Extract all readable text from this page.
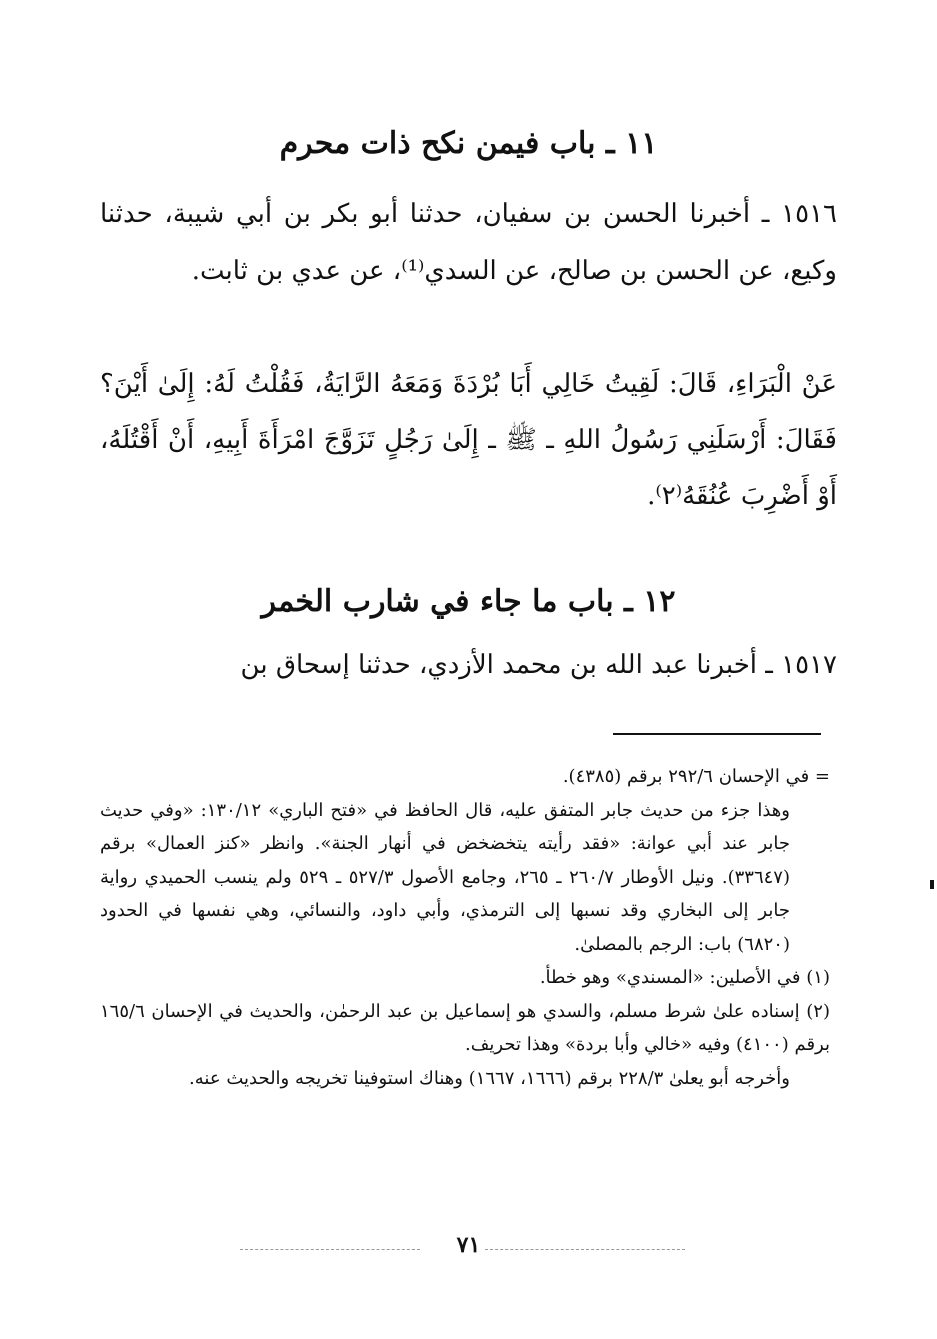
١١ ـ باب فيمن نكح ذات محرم
١٥١٦ ـ أخبرنا الحسن بن سفيان، حدثنا أبو بكر بن أبي شيبة، حدثنا وكيع، عن الحسن بن صالح، عن السدي⁽¹⁾، عن عدي بن ثابت.
عَنْ الْبَرَاءِ، قَالَ: لَقِيتُ خَالِي أَبَا بُرْدَةَ وَمَعَهُ الرَّايَةُ، فَقُلْتُ لَهُ: إِلَىٰ أَيْنَ؟ فَقَالَ: أَرْسَلَنِي رَسُولُ اللهِ ـ ﷺ ـ إِلَىٰ رَجُلٍ تَزَوَّجَ امْرَأَةَ أَبِيهِ، أَنْ أَقْتُلَهُ، أَوْ أَضْرِبَ عُنُقَهُ⁽٢⁾.
١٢ ـ باب ما جاء في شارب الخمر
١٥١٧ ـ أخبرنا عبد الله بن محمد الأزدي، حدثنا إسحاق بن

= في الإحسان ٢٩٢/٦ برقم (٤٣٨٥).

وهذا جزء من حديث جابر المتفق عليه، قال الحافظ في «فتح الباري» ١٣٠/١٢: «وفي حديث جابر عند أبي عوانة: «فقد رأيته يتخضخض في أنهار الجنة». وانظر «كنز العمال» برقم (٣٣٦٤٧). ونيل الأوطار ٢٦٠/٧ ـ ٢٦٥، وجامع الأصول ٥٢٧/٣ ـ ٥٢٩ ولم ينسب الحميدي رواية جابر إلى البخاري وقد نسبها إلى الترمذي، وأبي داود، والنسائي، وهي نفسها في الحدود (٦٨٢٠) باب: الرجم بالمصلىٰ.

(١) في الأصلين: «المسندي» وهو خطأ.

(٢) إسناده علىٰ شرط مسلم، والسدي هو إسماعيل بن عبد الرحمٰن، والحديث في الإحسان ١٦٥/٦ برقم (٤١٠٠) وفيه «خالي وأبا بردة» وهذا تحريف.

وأخرجه أبو يعلىٰ ٢٢٨/٣ برقم (١٦٦٦، ١٦٦٧) وهناك استوفينا تخريجه والحديث عنه.

٧١
